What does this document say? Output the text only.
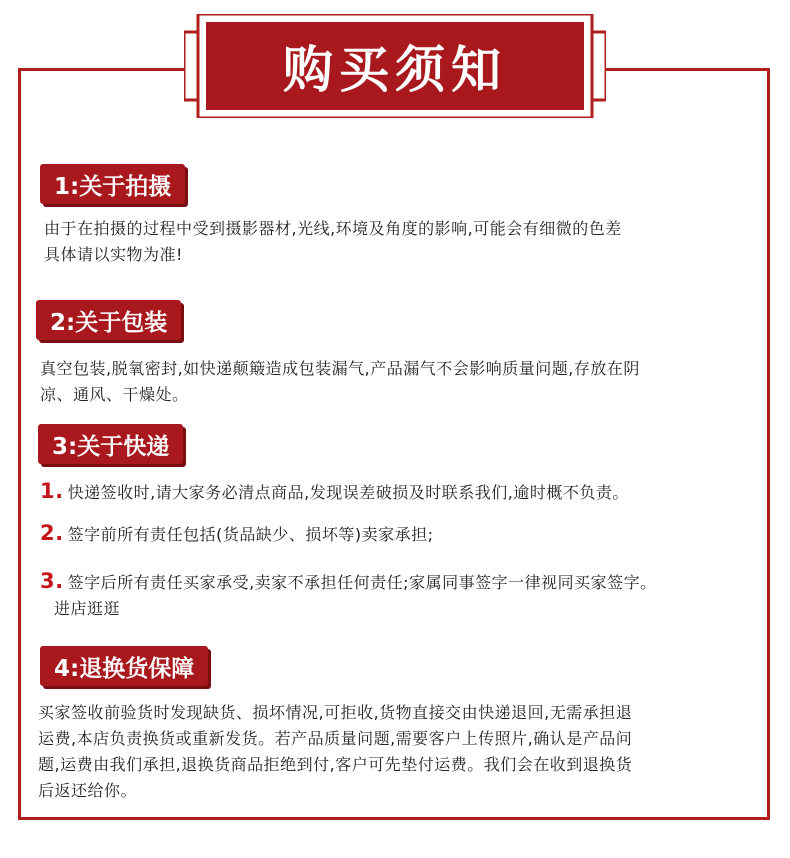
购买须知
1:关于拍摄
由于在拍摄的过程中受到摄影器材,光线,环境及角度的影响,可能会有细微的色差
具体请以实物为准!
2:关于包装
真空包装,脱氧密封,如快递颠簸造成包装漏气,产品漏气不会影响质量问题,存放在阴
凉、通风、干燥处。
3:关于快递
1. 快递签收时,请大家务必清点商品,发现误差破损及时联系我们,逾时概不负责。
2. 签字前所有责任包括(货品缺少、损坏等)卖家承担;
3. 签字后所有责任买家承受,卖家不承担任何责任;家属同事签字一律视同买家签字。
进店逛逛
4:退换货保障
买家签收前验货时发现缺货、损坏情况,可拒收,货物直接交由快递退回,无需承担退
运费,本店负责换货或重新发货。若产品质量问题,需要客户上传照片,确认是产品问
题,运费由我们承担,退换货商品拒绝到付,客户可先垫付运费。我们会在收到退换货
后返还给你。
